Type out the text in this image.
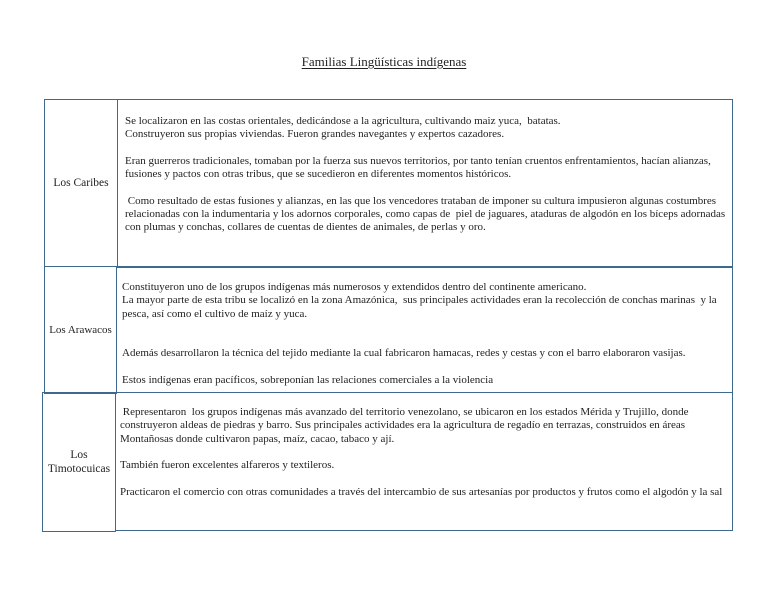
Familias Lingüísticas indígenas
Los Caribes

Se localizaron en las costas orientales, dedicándose a la agricultura, cultivando maiz yuca,  batatas.

Construyeron sus propias viviendas. Fueron grandes navegantes y expertos cazadores.

Eran guerreros tradicionales, tomaban por la fuerza sus nuevos territorios, por tanto tenían cruentos enfrentamientos, hacían alianzas, fusiones y pactos con otras tribus, que se sucedieron en diferentes momentos históricos.

Como resultado de estas fusiones y alianzas, en las que los vencedores trataban de imponer su cultura impusieron algunas costumbres relacionadas con la indumentaria y los adornos corporales, como capas de  piel de jaguares, ataduras de algodón en los bíceps adornadas con plumas y conchas, collares de cuentas de dientes de animales, de perlas y oro.

Los Arawacos

Constituyeron uno de los grupos indígenas más numerosos y extendidos dentro del continente americano.

La mayor parte de esta tribu se localizó en la zona Amazónica,  sus principales actividades eran la recolección de conchas marinas  y la pesca, así como el cultivo de maíz y yuca.

Además desarrollaron la técnica del tejido mediante la cual fabricaron hamacas, redes y cestas y con el barro elaboraron vasijas.

Estos indígenas eran pacíficos, sobreponían las relaciones comerciales a la violencia

Los
Timotocuicas

Representaron  los grupos indígenas más avanzado del territorio venezolano, se ubicaron en los estados Mérida y Trujillo, donde construyeron aldeas de piedras y barro. Sus principales actividades era la agricultura de regadío en terrazas, construidos en áreas Montañosas donde cultivaron papas, maíz, cacao, tabaco y ají.

También fueron excelentes alfareros y textileros.

Practicaron el comercio con otras comunidades a través del intercambio de sus artesanías por productos y frutos como el algodón y la sal
